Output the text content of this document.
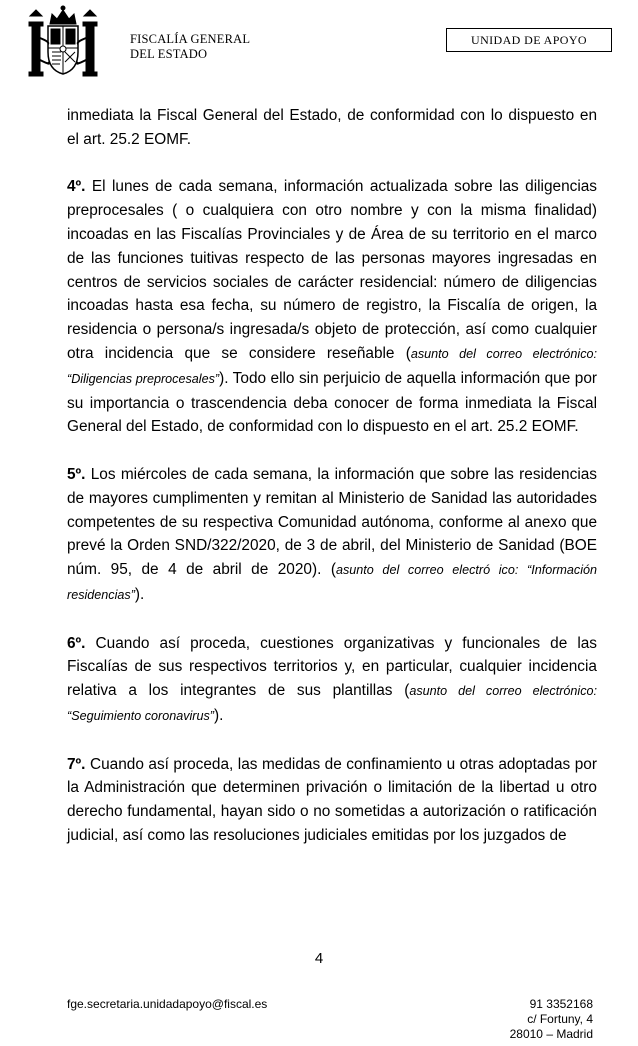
FISCALÍA GENERAL
DEL ESTADO
UNIDAD DE APOYO

inmediata la Fiscal General del Estado, de conformidad con lo dispuesto en el art. 25.2 EOMF.

4º. El lunes de cada semana, información actualizada sobre las diligencias preprocesales ( o cualquiera con otro nombre y con la misma finalidad) incoadas en las Fiscalías Provinciales y de Área de su territorio en el marco de las funciones tuitivas respecto de las personas mayores ingresadas en centros de servicios sociales de carácter residencial: número de diligencias incoadas hasta esa fecha, su número de registro, la Fiscalía de origen, la residencia o persona/s ingresada/s objeto de protección, así como cualquier otra incidencia que se considere reseñable (asunto del correo electrónico: “Diligencias preprocesales”). Todo ello sin perjuicio de aquella información que por su importancia o trascendencia deba conocer de forma inmediata la Fiscal General del Estado, de conformidad con lo dispuesto en el art. 25.2 EOMF.

5º. Los miércoles de cada semana, la información que sobre las residencias de mayores cumplimenten y remitan al Ministerio de Sanidad las autoridades competentes de su respectiva Comunidad autónoma, conforme al anexo que prevé la Orden SND/322/2020, de 3 de abril, del Ministerio de Sanidad (BOE núm. 95, de 4 de abril de 2020). (asunto del correo electró ico: “Información residencias”).

6º. Cuando así proceda, cuestiones organizativas y funcionales de las Fiscalías de sus respectivos territorios y, en particular, cualquier incidencia relativa a los integrantes de sus plantillas (asunto del correo electrónico: “Seguimiento coronavirus”).

7º. Cuando así proceda, las medidas de confinamiento u otras adoptadas por la Administración que determinen privación o limitación de la libertad u otro derecho fundamental, hayan sido o no sometidas a autorización o ratificación judicial, así como las resoluciones judiciales emitidas por los juzgados de

4
fge.secretaria.unidadapoyo@fiscal.es	91 3352168
c/ Fortuny, 4
28010 – Madrid
